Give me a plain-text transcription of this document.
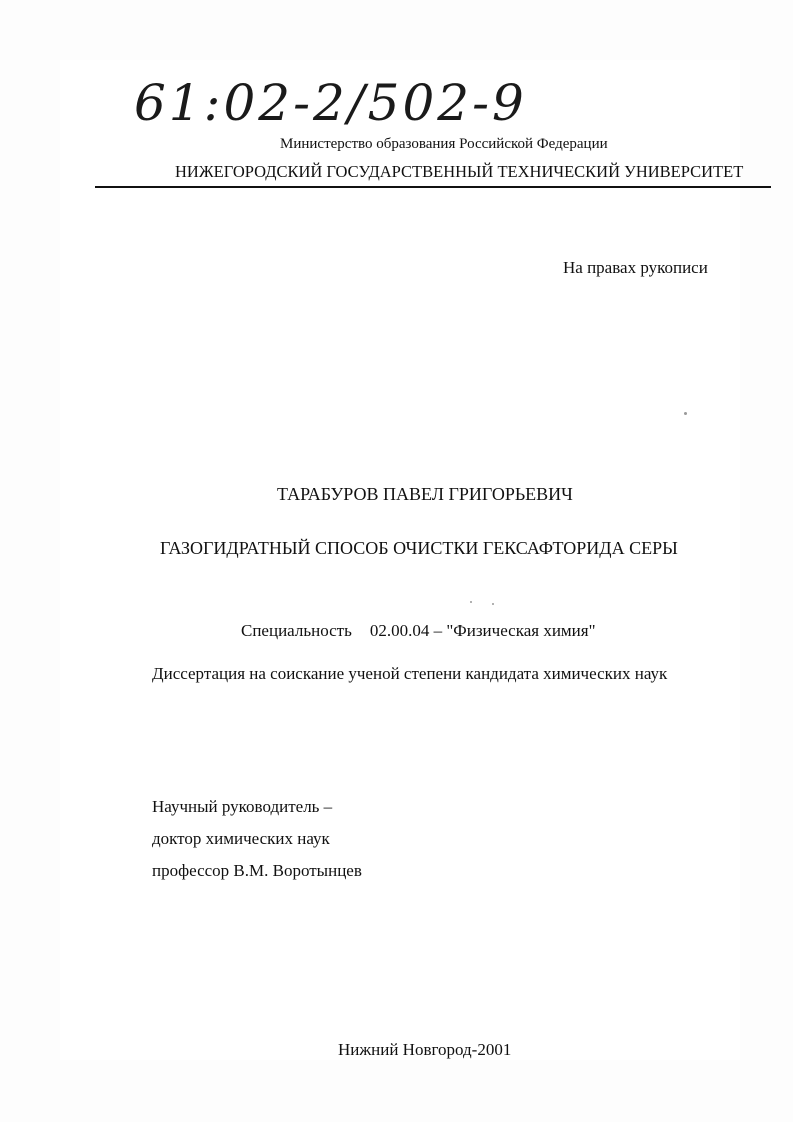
61:02-2/502-9
Министерство образования Российской Федерации
НИЖЕГОРОДСКИЙ ГОСУДАРСТВЕННЫЙ ТЕХНИЧЕСКИЙ УНИВЕРСИТЕТ
На правах рукописи
ТАРАБУРОВ ПАВЕЛ ГРИГОРЬЕВИЧ
ГАЗОГИДРАТНЫЙ СПОСОБ ОЧИСТКИ ГЕКСАФТОРИДА СЕРЫ
Специальность 02.00.04 – "Физическая химия"
Диссертация на соискание ученой степени кандидата химических наук
Научный руководитель –
доктор химических наук
профессор В.М. Воротынцев
Нижний Новгород-2001
